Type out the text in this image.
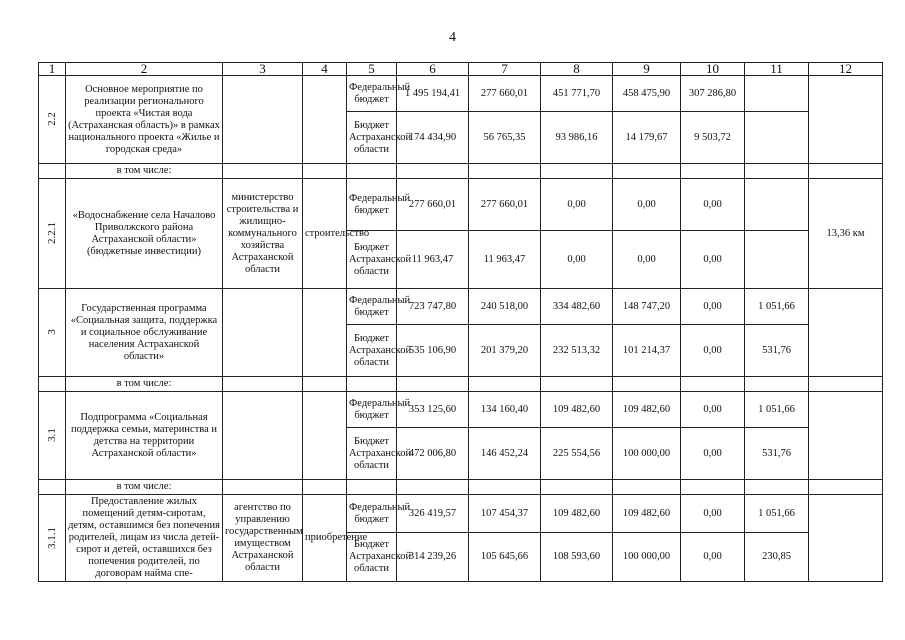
4
1	2	3	4	5	6	7	8	9	10	11	12
2.2	Основное мероприятие по реализации регионального проекта «Чистая вода (Астраханская область)» в рамках национального проекта «Жилье и городская среда»			Федеральный бюджет	1 495 194,41	277 660,01	451 771,70	458 475,90	307 286,80		
				Бюджет Астраханской области	174 434,90	56 765,35	93 986,16	14 179,67	9 503,72		
	в том числе:										
2.2.1	«Водоснабжение села Началово Приволжского района Астраханской области» (бюджетные инвестиции)	министерство строительства и жилищно-коммунального хозяйства Астраханской области	строительство	Федеральный бюджет	277 660,01	277 660,01	0,00	0,00	0,00		13,36 км
				Бюджет Астраханской области	11 963,47	11 963,47	0,00	0,00	0,00		
3	Государственная программа «Социальная защита, поддержка и социальное обслуживание населения Астраханской области»			Федеральный бюджет	723 747,80	240 518,00	334 482,60	148 747,20	0,00	1 051,66	
				Бюджет Астраханской области	535 106,90	201 379,20	232 513,32	101 214,37	0,00	531,76	
	в том числе:										
3.1	Подпрограмма «Социальная поддержка семьи, материнства и детства на территории Астраханской области»			Федеральный бюджет	353 125,60	134 160,40	109 482,60	109 482,60	0,00	1 051,66	
				Бюджет Астраханской области	472 006,80	146 452,24	225 554,56	100 000,00	0,00	531,76	
	в том числе:										
3.1.1	Предоставление жилых помещений детям-сиротам, детям, оставшимся без попечения родителей, лицам из числа детей-сирот и детей, оставшихся без попечения родителей, по договорам найма спе-	агентство по управлению государственным имуществом Астраханской области	приобретение	Федеральный бюджет	326 419,57	107 454,37	109 482,60	109 482,60	0,00	1 051,66	
				Бюджет Астраханской области	314 239,26	105 645,66	108 593,60	100 000,00	0,00	230,85	
